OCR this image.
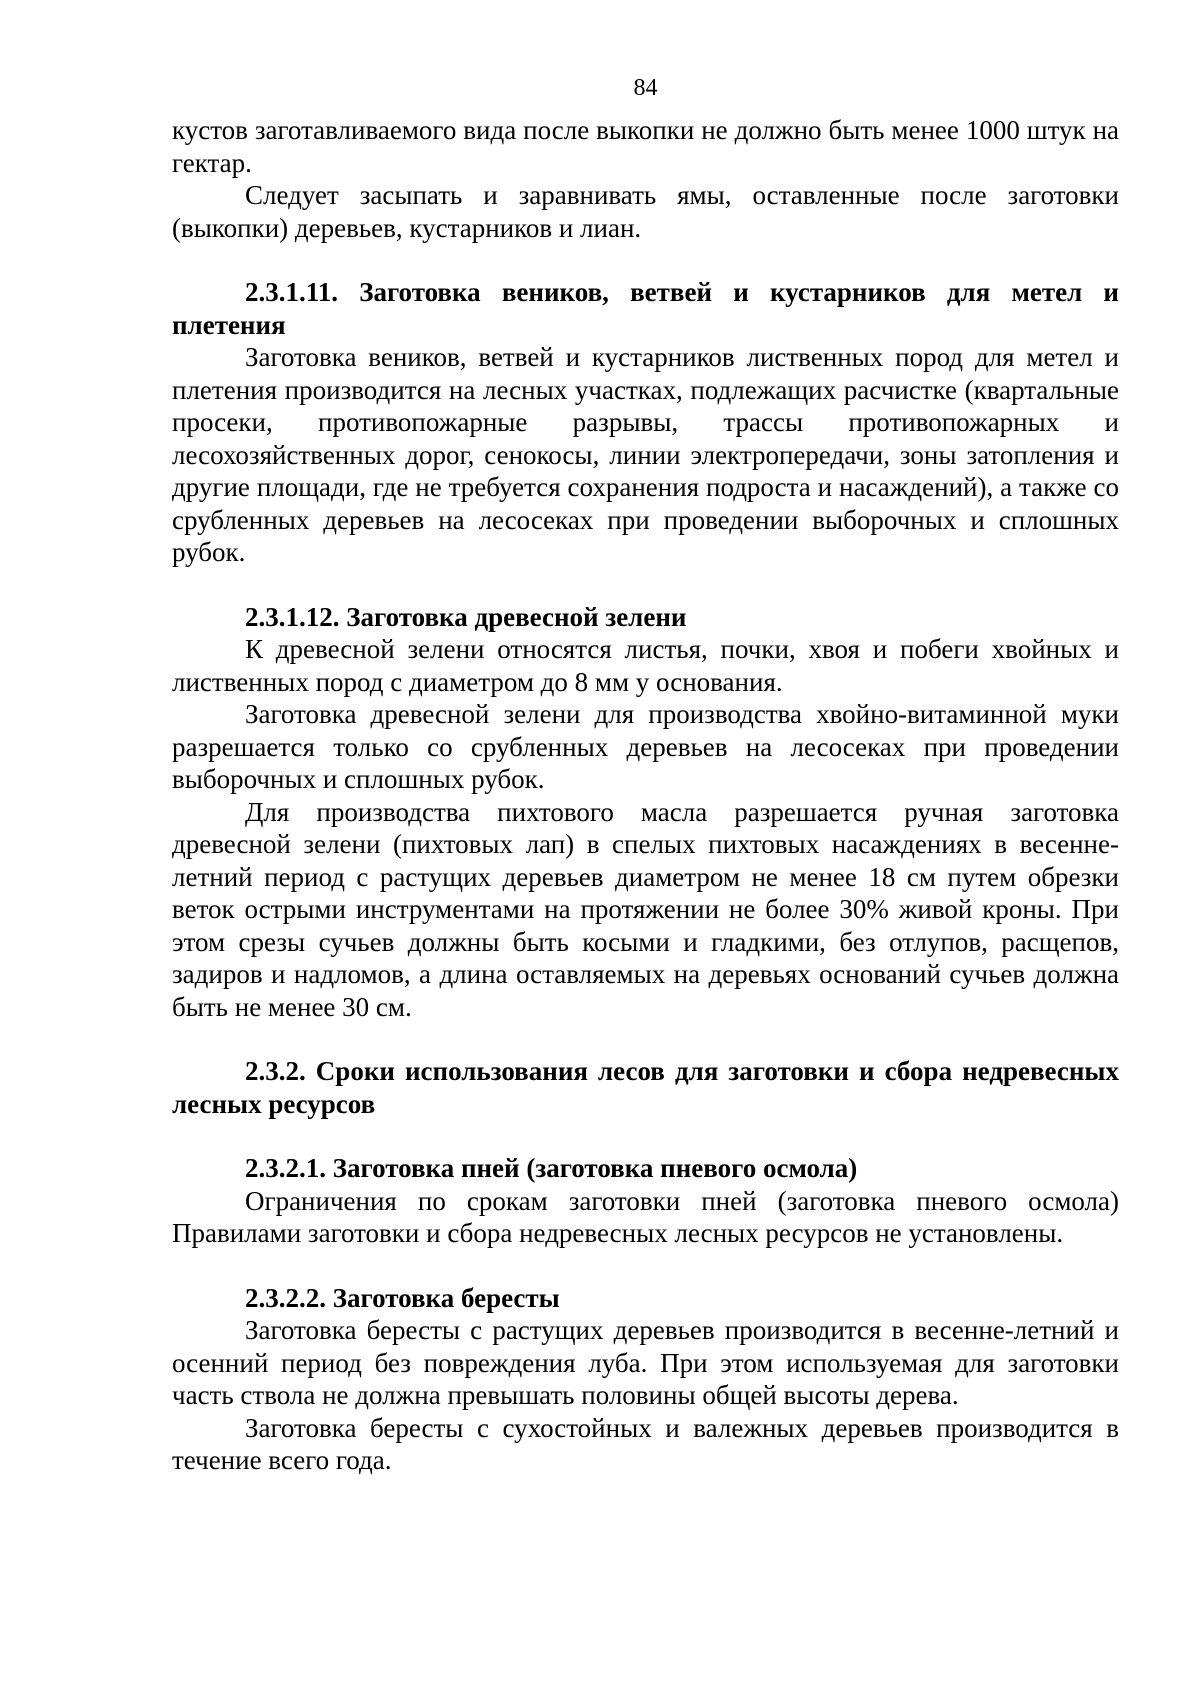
84

кустов заготавливаемого вида после выкопки не должно быть менее 1000 штук на гектар.

Следует засыпать и заравнивать ямы, оставленные после заготовки (выкопки) деревьев, кустарников и лиан.

2.3.1.11. Заготовка веников, ветвей и кустарников для метел и плетения

Заготовка веников, ветвей и кустарников лиственных пород для метел и плетения производится на лесных участках, подлежащих расчистке (квартальные просеки, противопожарные разрывы, трассы противопожарных и лесохозяйственных дорог, сенокосы, линии электропередачи, зоны затопления и другие площади, где не требуется сохранения подроста и насаждений), а также со срубленных деревьев на лесосеках при проведении выборочных и сплошных рубок.

2.3.1.12. Заготовка древесной зелени

К древесной зелени относятся листья, почки, хвоя и побеги хвойных и лиственных пород с диаметром до 8 мм у основания.

Заготовка древесной зелени для производства хвойно-витаминной муки разрешается только со срубленных деревьев на лесосеках при проведении выборочных и сплошных рубок.

Для производства пихтового масла разрешается ручная заготовка древесной зелени (пихтовых лап) в спелых пихтовых насаждениях в весенне-летний период с растущих деревьев диаметром не менее 18 см путем обрезки веток острыми инструментами на протяжении не более 30% живой кроны. При этом срезы сучьев должны быть косыми и гладкими, без отлупов, расщепов, задиров и надломов, а длина оставляемых на деревьях оснований сучьев должна быть не менее 30 см.

2.3.2. Сроки использования лесов для заготовки и сбора недревесных лесных ресурсов
2.3.2.1. Заготовка пней (заготовка пневого осмола)

Ограничения по срокам заготовки пней (заготовка пневого осмола) Правилами заготовки и сбора недревесных лесных ресурсов не установлены.

2.3.2.2. Заготовка бересты

Заготовка бересты с растущих деревьев производится в весенне-летний и осенний период без повреждения луба. При этом используемая для заготовки часть ствола не должна превышать половины общей высоты дерева.

Заготовка бересты с сухостойных и валежных деревьев производится в течение всего года.
